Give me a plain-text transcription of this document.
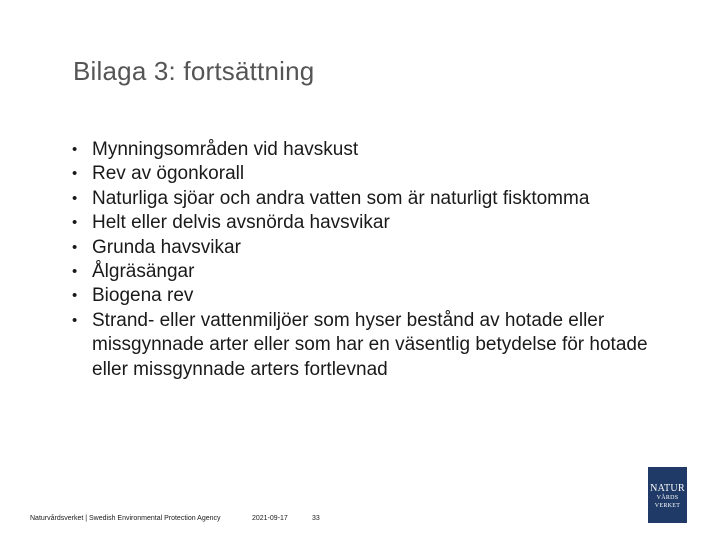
Bilaga 3: fortsättning
• Mynningsområden vid havskust
• Rev av ögonkorall
• Naturliga sjöar och andra vatten som är naturligt fisktomma
• Helt eller delvis avsnörda havsvikar
• Grunda havsvikar
• Ålgräsängar
• Biogena rev
• Strand- eller vattenmiljöer som hyser bestånd av hotade eller missgynnade arter eller som har en väsentlig betydelse för hotade eller missgynnade arters fortlevnad
Naturvårdsverket | Swedish Environmental Protection Agency	2021-09-17	33
NATUR
VÅRDS
VERKET
